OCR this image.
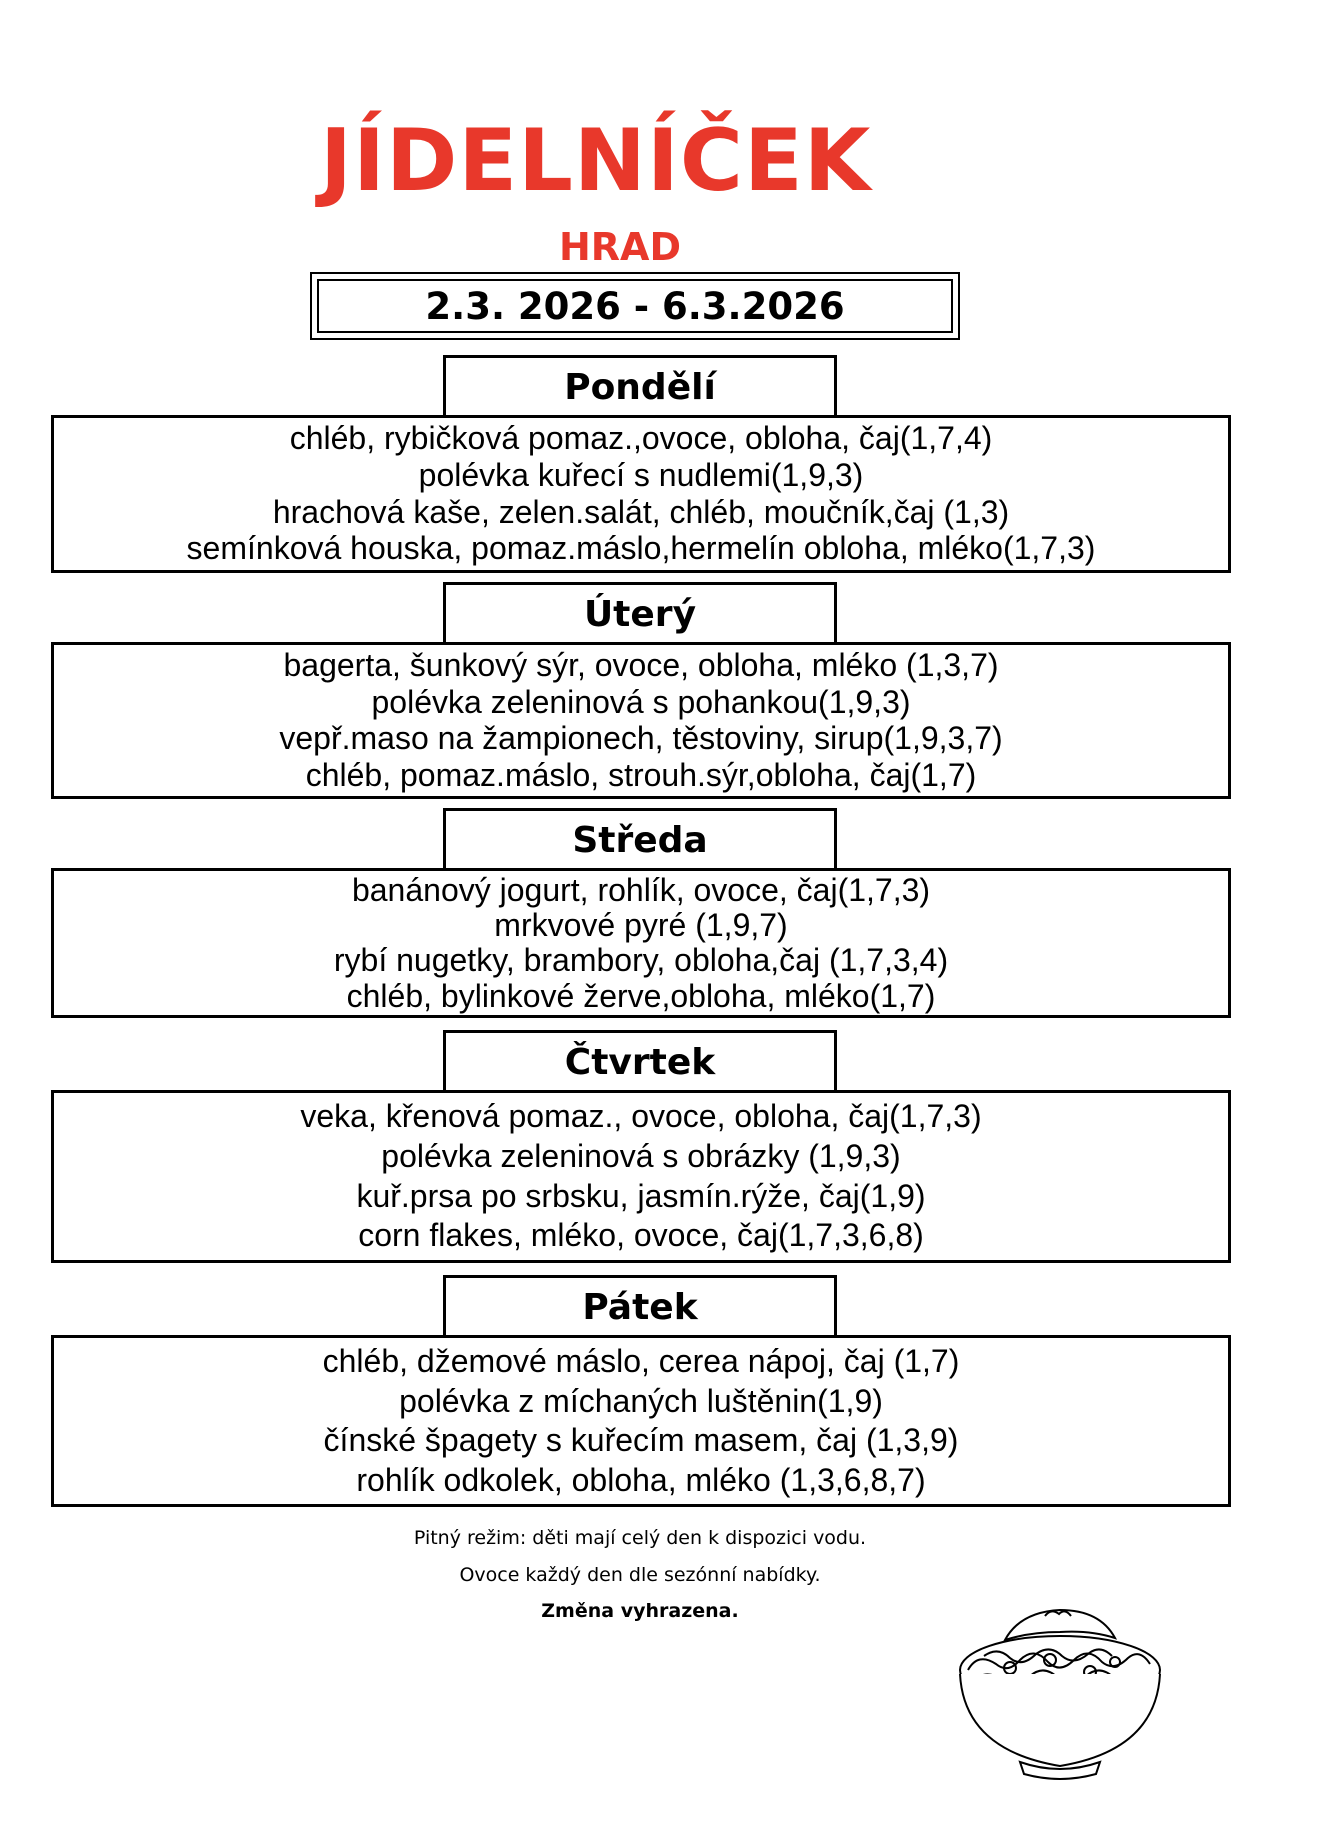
JÍDELNÍČEK
HRAD
2.3. 2026 - 6.3.2026
Pondělí
chléb, rybičková pomaz.,ovoce, obloha, čaj(1,7,4)
polévka kuřecí s nudlemi(1,9,3)
hrachová kaše, zelen.salát, chléb, moučník,čaj (1,3)
semínková houska, pomaz.máslo,hermelín obloha, mléko(1,7,3)
Úterý
bagerta, šunkový sýr, ovoce, obloha, mléko (1,3,7)
polévka zeleninová s pohankou(1,9,3)
vepř.maso na žampionech, těstoviny, sirup(1,9,3,7)
chléb, pomaz.máslo, strouh.sýr,obloha, čaj(1,7)
Středa
banánový jogurt, rohlík, ovoce, čaj(1,7,3)
mrkvové pyré (1,9,7)
rybí nugetky, brambory, obloha,čaj (1,7,3,4)
chléb, bylinkové žerve,obloha, mléko(1,7)
Čtvrtek
veka, křenová pomaz., ovoce, obloha, čaj(1,7,3)
polévka zeleninová s obrázky (1,9,3)
kuř.prsa po srbsku, jasmín.rýže, čaj(1,9)
corn flakes, mléko, ovoce, čaj(1,7,3,6,8)
Pátek
chléb, džemové máslo, cerea nápoj, čaj (1,7)
polévka z míchaných luštěnin(1,9)
čínské špagety s kuřecím masem, čaj (1,3,9)
rohlík odkolek, obloha, mléko (1,3,6,8,7)
Pitný režim: děti mají celý den k dispozici vodu.
Ovoce každý den dle sezónní nabídky.
Změna vyhrazena.
